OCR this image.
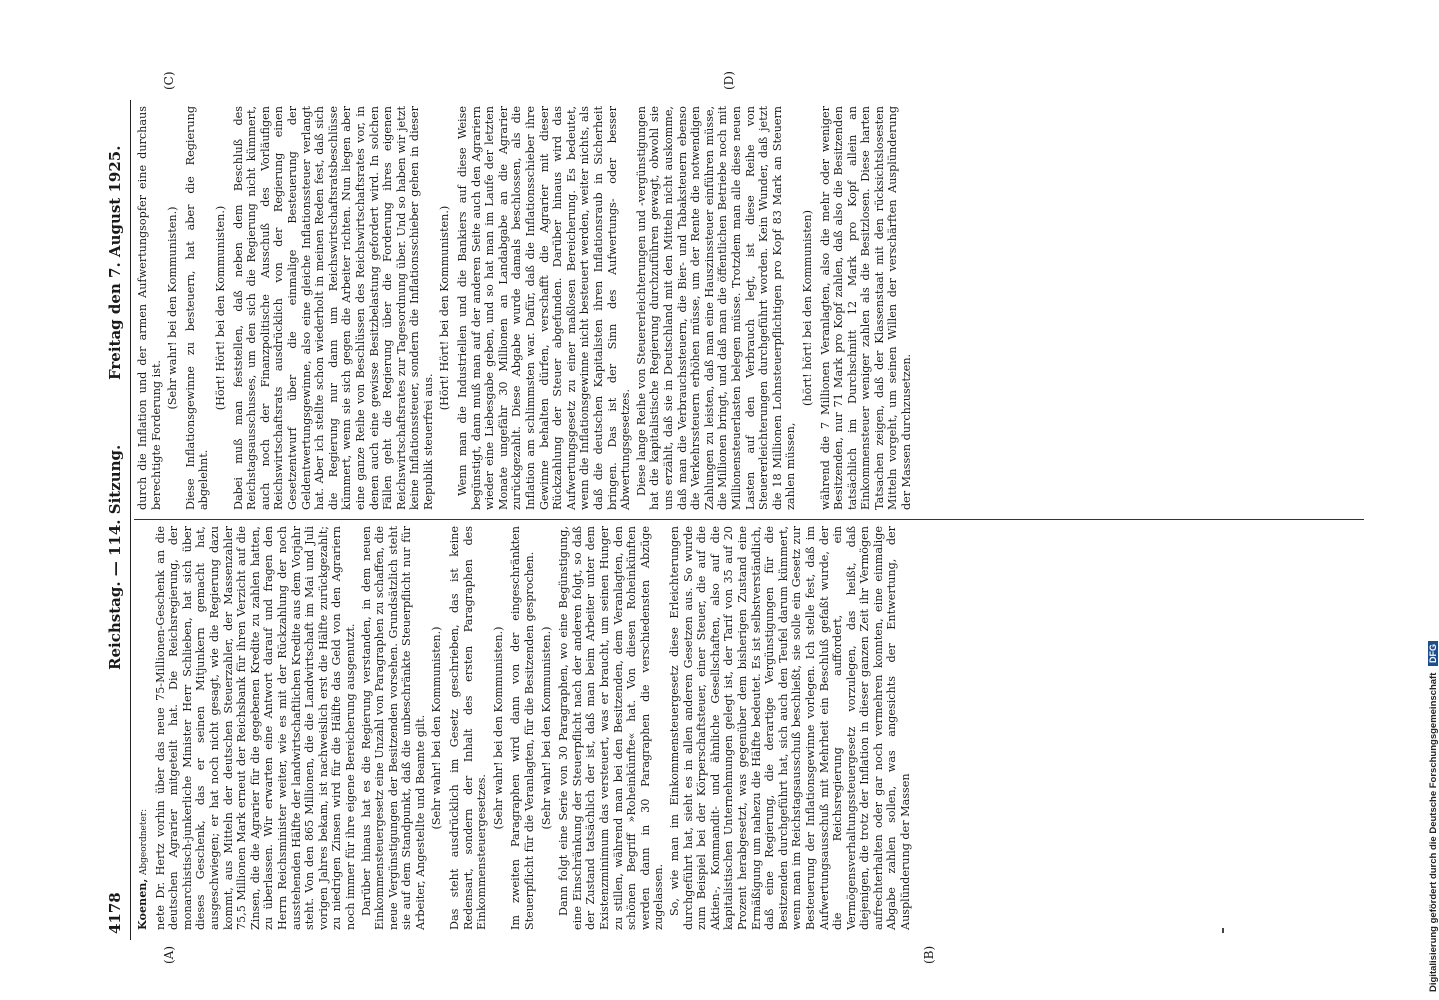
4178
Reichstag. — 114. Sitzung.
Freitag den 7. August 1925.
(A)	(B)
(C)	(D)

Koenen, Abgeordneter: nete Dr. Hertz vorhin über das neue 75-Millionen-Geschenk an die deutschen Agrarier mitgeteilt hat. Die Reichsregierung, der monarchistisch-junkerliche Minister Herr Schlieben, hat sich über dieses Geschenk, das er seinen Mitjunkern gemacht hat, ausgeschwiegen; er hat noch nicht gesagt, wie die Regierung dazu kommt, aus Mitteln der deutschen Steuerzahler, der Massenzahler 75,5 Millionen Mark erneut der Reichsbank für ihren Verzicht auf die Zinsen, die die Agrarier für die gegebenen Kredite zu zahlen hatten, zu überlassen. Wir erwarten eine Antwort darauf und fragen den Herrn Reichsminister weiter, wie es mit der Rückzahlung der noch ausstehenden Hälfte der landwirtschaftlichen Kredite aus dem Vorjahr steht. Von den 865 Millionen, die die Landwirtschaft im Mai und Juli vorigen Jahres bekam, ist nachweislich erst die Hälfte zurückgezahlt; zu niedrigen Zinsen wird für die Hälfte das Geld von den Agrariern noch immer für ihre eigene Bereicherung ausgenutzt. Darüber hinaus hat es die Regierung verstanden, in dem neuen Einkommensteuergesetz eine Unzahl von Paragraphen zu schaffen, die neue Vergünstigungen der Besitzenden vorsehen. Grundsätzlich steht sie auf dem Standpunkt, daß die unbeschränkte Steuerpflicht nur für Arbeiter, Angestellte und Beamte gilt. (Sehr wahr! bei den Kommunisten.) Das steht ausdrücklich im Gesetz geschrieben, das ist keine Redensart, sondern der Inhalt des ersten Paragraphen des Einkommensteuergesetzes.

(Sehr wahr! bei den Kommunisten.) Im zweiten Paragraphen wird dann von der eingeschränkten Steuerpflicht für die Veranlagten, für die Besitzenden gesprochen. (Sehr wahr! bei den Kommunisten.) Dann folgt eine Serie von 30 Paragraphen, wo eine Begünstigung, eine Einschränkung der Steuerpflicht nach der anderen folgt, so daß der Zustand tatsächlich der ist, daß man beim Arbeiter unter dem Existenzminimum das versteuert, was er braucht, um seinen Hunger zu stillen, während man bei den Besitzenden, dem Veranlagten, den schönen Begriff »Roheinkünfte« hat. Von diesen Roheinkünften werden dann in 30 Paragraphen die verschiedensten Abzüge zugelassen. So, wie man im Einkommensteuergesetz diese Erleichterungen durchgeführt hat, sieht es in allen anderen Gesetzen aus. So wurde zum Beispiel bei der Körperschaftsteuer, einer Steuer, die auf die Aktien-, Kommandit- und ähnliche Gesellschaften, also auf die kapitalistischen Unternehmungen gelegt ist, der Tarif von 35 auf 20 Prozent herabgesetzt, was gegenüber dem bisherigen Zustand eine Ermäßigung um nahezu die Hälfte bedeutet. Es ist selbstverständlich, daß eine Regierung, die derartige Vergünstigungen für die Besitzenden durchgeführt hat, sich auch den Teufel darum kümmert, wenn man im Reichstagsausschuß beschließt, sie solle ein Gesetz zur Besteuerung der Inflationsgewinne vorlegen. Ich stelle fest, daß im Aufwertungsausschuß mit Mehrheit ein Beschluß gefaßt wurde, der die Reichsregierung auffordert, ein Vermögensverhaltungssteuergesetz vorzulegen, das heißt, daß diejenigen, die trotz der Inflation in dieser ganzen Zeit ihr Vermögen aufrechterhalten oder gar noch vermehren konnten, eine einmalige Abgabe zahlen sollen, was angesichts der Entwertung, der Ausplünderung der Massen

durch die Inflation und der armen Aufwertungsopfer eine durchaus berechtigte Forderung ist.

(Sehr wahr! bei den Kommunisten.) Diese Inflationsgewinne zu besteuern, hat aber die Regierung abgelehnt.

(Hört! Hört! bei den Kommunisten.) Dabei muß man feststellen, daß neben dem Beschluß des Reichstagsausschusses, um den sich die Regierung nicht kümmert, auch noch der Finanzpolitische Ausschuß des Vorläufigen Reichswirtschaftsrats ausdrücklich von der Regierung einen Gesetzentwurf über die einmalige Besteuerung der Geldentwertungsgewinne, also eine gleiche Inflationssteuer verlangt hat. Aber ich stellte schon wiederholt in meinen Reden fest, daß sich die Regierung nur dann um Reichswirtschaftsratsbeschlüsse kümmert, wenn sie sich gegen die Arbeiter richten. Nun liegen aber eine ganze Reihe von Beschlüssen des Reichswirtschaftsrates vor, in denen auch eine gewisse Besitzbelastung gefordert wird. In solchen Fällen geht die Regierung über die Forderung ihres eigenen Reichswirtschaftsrates zur Tagesordnung über. Und so haben wir jetzt keine Inflationssteuer, sondern die Inflationsschieber gehen in dieser Republik steuerfrei aus.

(Hört! Hört! bei den Kommunisten.) Wenn man die Industriellen und die Bankiers auf diese Weise begünstigt, dann muß man auf der anderen Seite auch den Agrariern wieder eine Liebesgabe geben, und so hat man im Laufe der letzten Monate ungefähr 30 Millionen an Landabgabe an die Agrarier zurückgezahlt. Diese Abgabe wurde damals beschlossen, als die Inflation am schlimmsten war. Dafür, daß die Inflationsschieber ihre Gewinne behalten dürfen, verschafft die Agrarier mit dieser Rückzahlung der Steuer abgefunden. Darüber hinaus wird das Aufwertungsgesetz zu einer maßlosen Bereicherung. Es bedeutet, wenn die Inflationsgewinne nicht besteuert werden, weiter nichts, als daß die deutschen Kapitalisten ihren Inflationsraub in Sicherheit bringen. Das ist der Sinn des Aufwertungs- oder besser Abwertungsgesetzes. Diese lange Reihe von Steuererleichterungen und -vergünstigungen hat die kapitalistische Regierung durchzuführen gewagt, obwohl sie uns erzählt, daß sie in Deutschland mit den Mitteln nicht auskomme, daß man die Verbrauchssteuern, die Bier- und Tabaksteuern ebenso die Verkehrssteuern erhöhen müsse, um der Rente die notwendigen Zahlungen zu leisten, daß man eine Hauszinssteuer einführen müsse, die Millionen bringt, und daß man die öffentlichen Betriebe noch mit Millionensteuerlasten belegen müsse. Trotzdem man alle diese neuen Lasten auf den Verbrauch legt, ist diese Reihe von Steuererleichterungen durchgeführt worden. Kein Wunder, daß jetzt die 18 Millionen Lohnsteuerpflichtigen pro Kopf 83 Mark an Steuern zahlen müssen,

(hört! hört! bei den Kommunisten) während die 7 Millionen Veranlagten, also die mehr oder weniger Besitzenden, nur 71 Mark pro Kopf zahlen, daß also die Besitzenden tatsächlich im Durchschnitt 12 Mark pro Kopf allein an Einkommensteuer weniger zahlen als die Besitzlosen. Diese harten Tatsachen zeigen, daß der Klassenstaat mit den rücksichtslosesten Mitteln vorgeht, um seinen Willen der verschärften Ausplünderung der Massen durchzusetzen.

Digitalisierung gefördert durch die Deutsche Forschungsgemeinschaft DFG
